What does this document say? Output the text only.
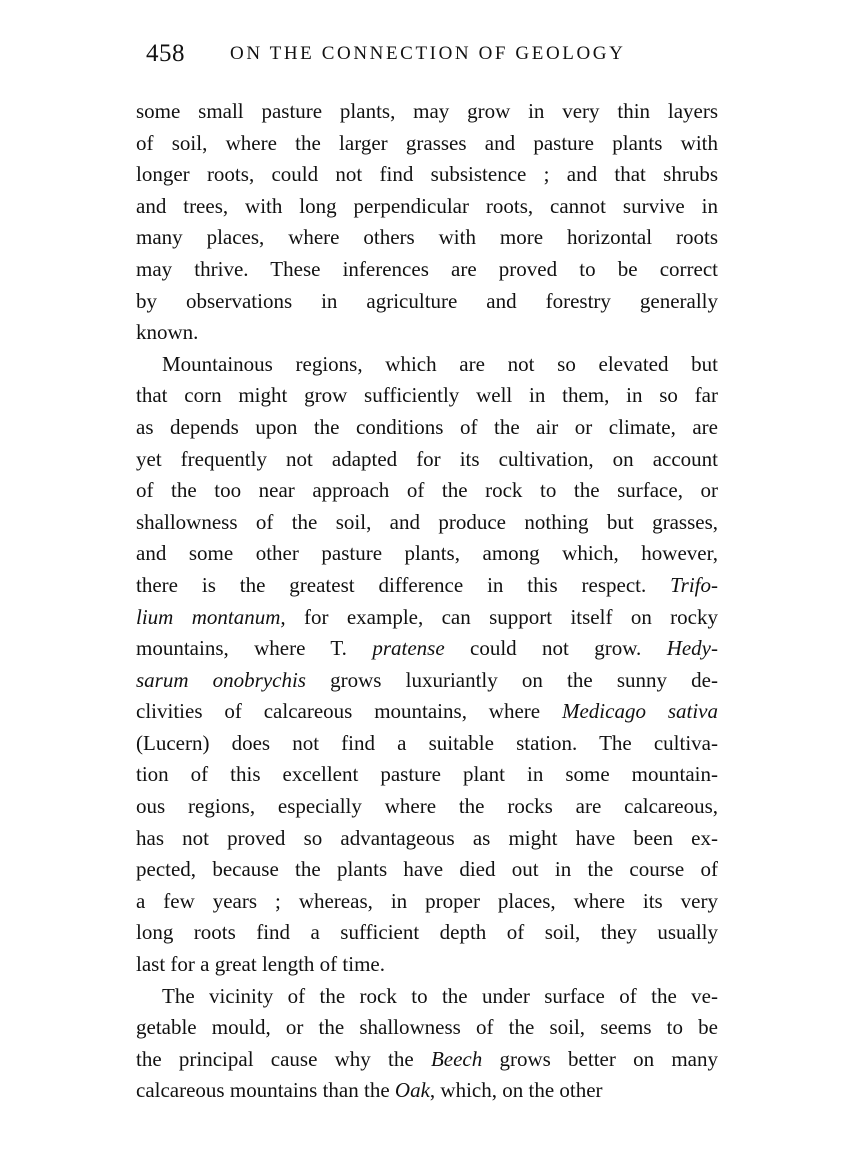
458 ON THE CONNECTION OF GEOLOGY
some small pasture plants, may grow in very thin layers
of soil, where the larger grasses and pasture plants with
longer roots, could not find subsistence ; and that shrubs
and trees, with long perpendicular roots, cannot survive in
many places, where others with more horizontal roots
may thrive. These inferences are proved to be correct
by observations in agriculture and forestry generally
known.
Mountainous regions, which are not so elevated but
that corn might grow sufficiently well in them, in so far
as depends upon the conditions of the air or climate, are
yet frequently not adapted for its cultivation, on account
of the too near approach of the rock to the surface, or
shallowness of the soil, and produce nothing but grasses,
and some other pasture plants, among which, however,
there is the greatest difference in this respect. Trifo-
lium montanum, for example, can support itself on rocky
mountains, where T. pratense could not grow. Hedy-
sarum onobrychis grows luxuriantly on the sunny de-
clivities of calcareous mountains, where Medicago sativa
(Lucern) does not find a suitable station. The cultiva-
tion of this excellent pasture plant in some mountain-
ous regions, especially where the rocks are calcareous,
has not proved so advantageous as might have been ex-
pected, because the plants have died out in the course of
a few years ; whereas, in proper places, where its very
long roots find a sufficient depth of soil, they usually
last for a great length of time.
The vicinity of the rock to the under surface of the ve-
getable mould, or the shallowness of the soil, seems to be
the principal cause why the Beech grows better on many
calcareous mountains than the Oak, which, on the other
